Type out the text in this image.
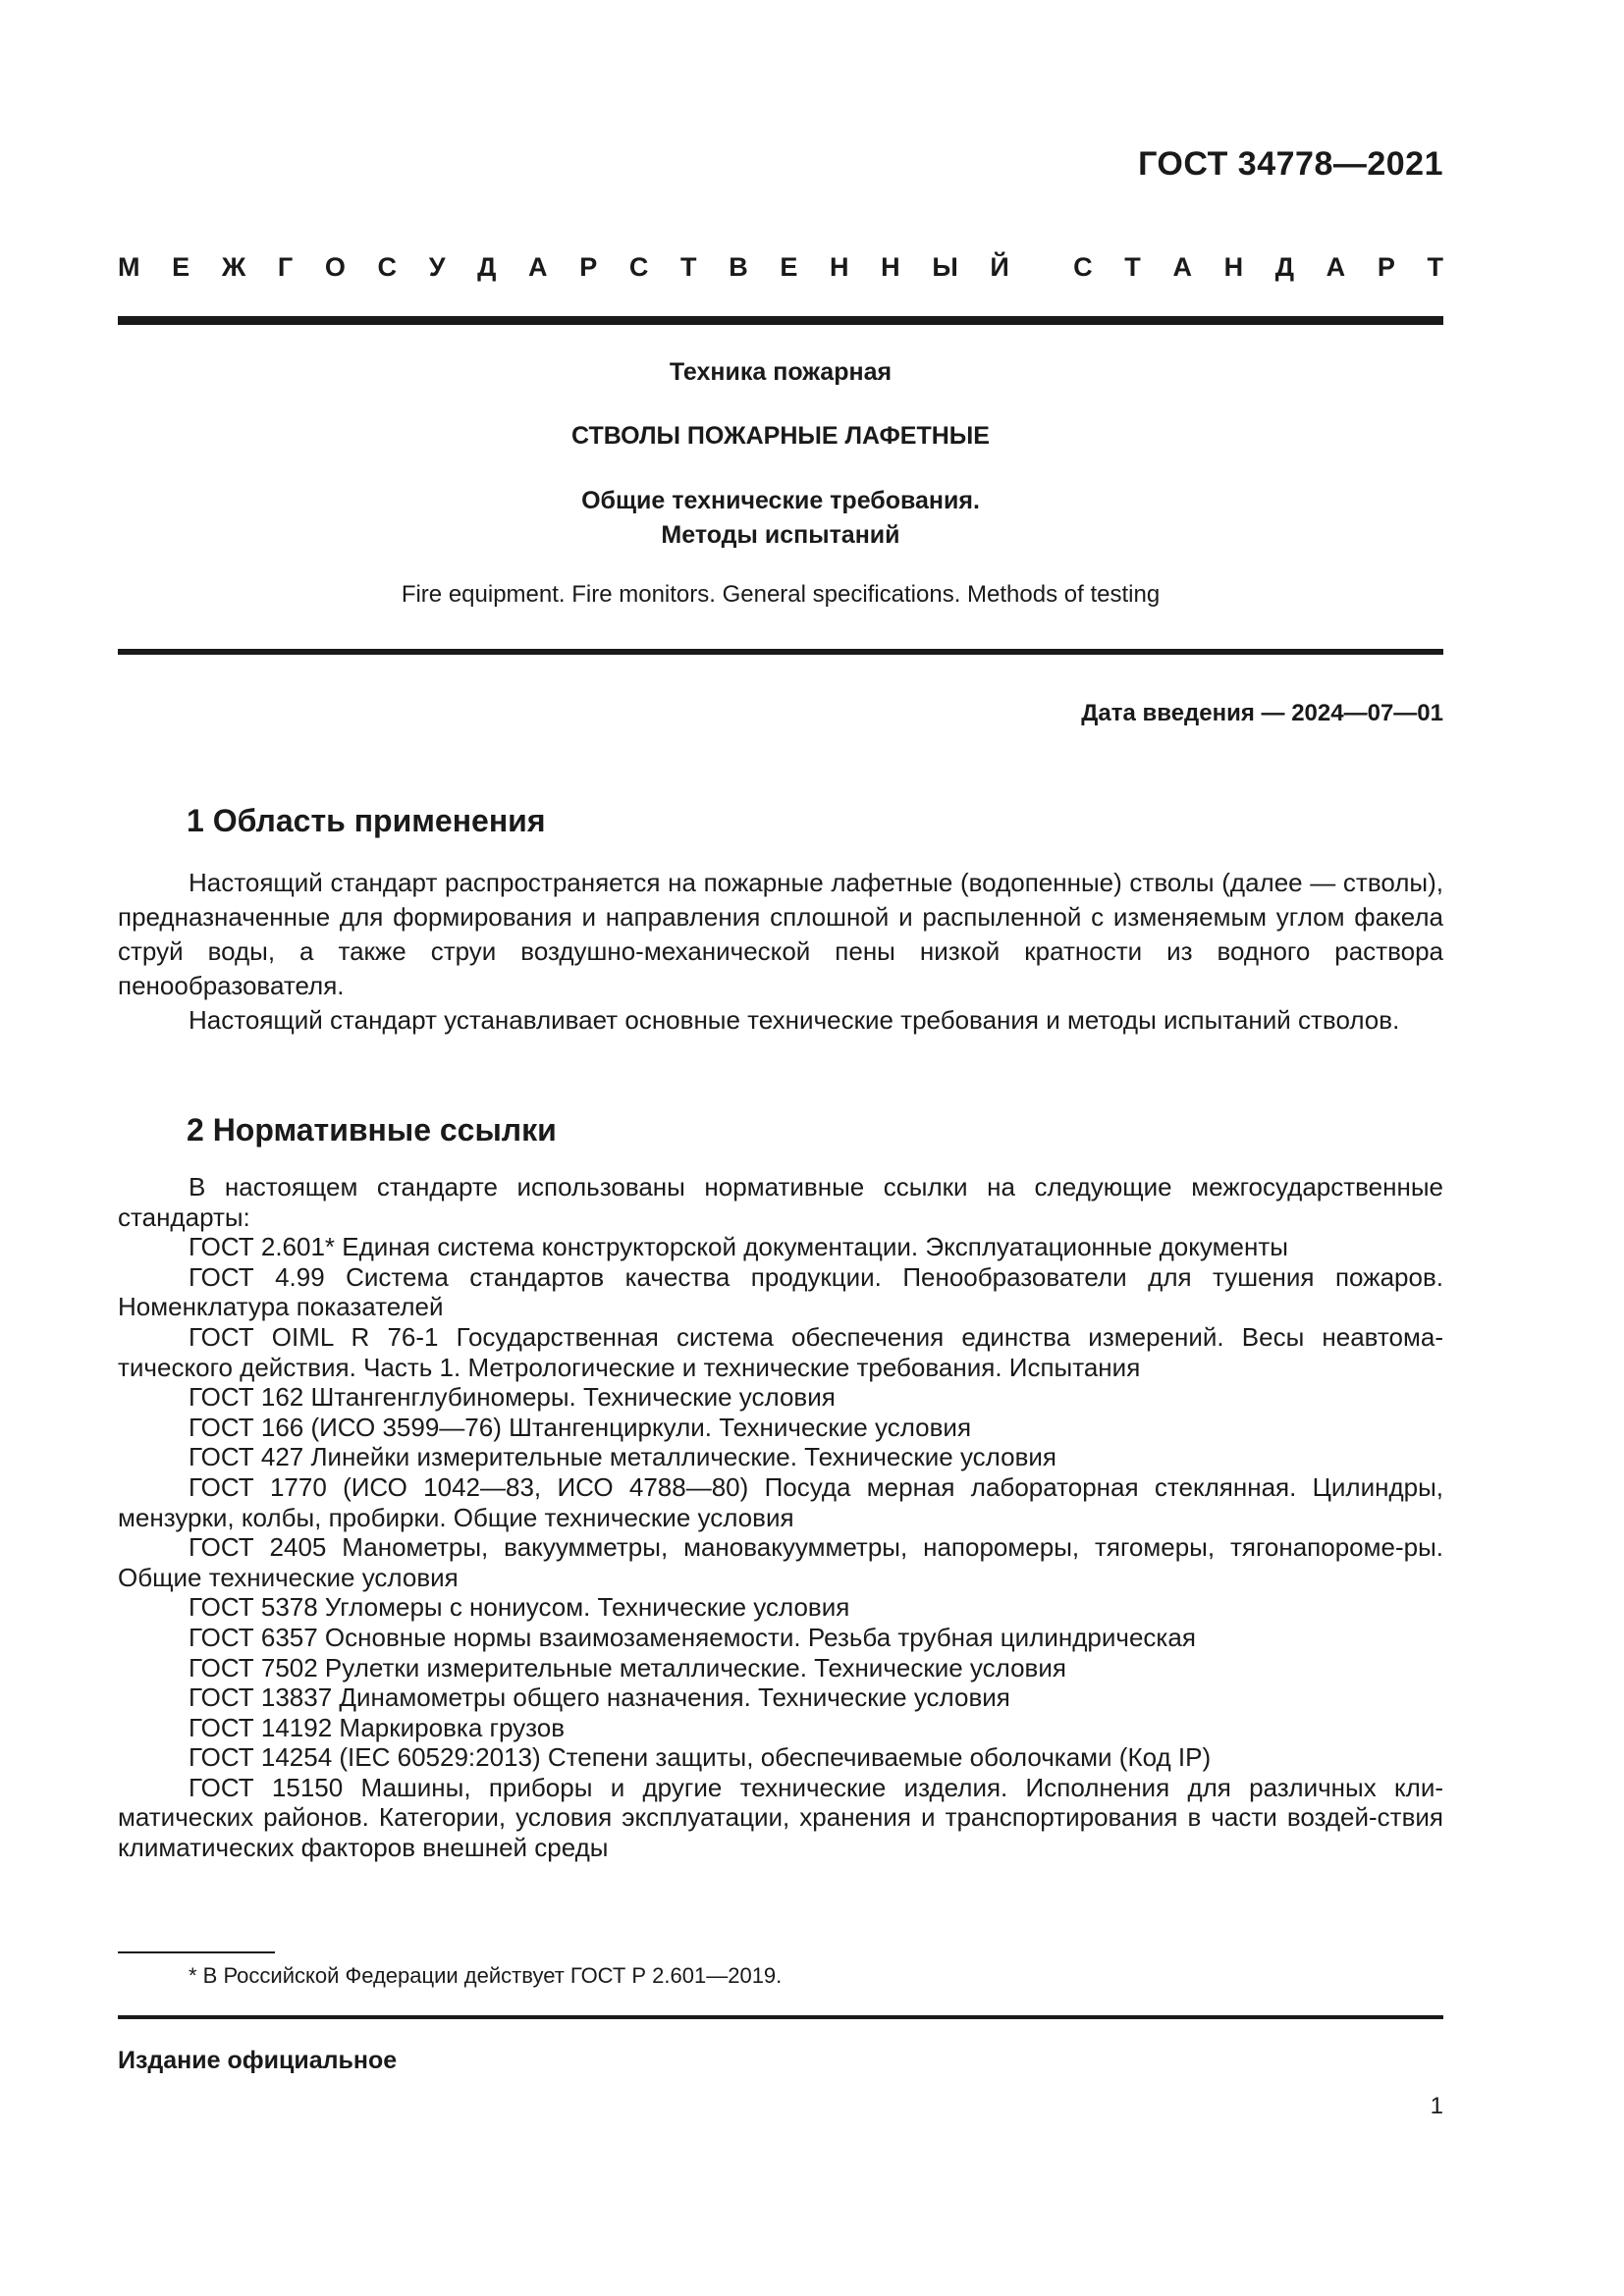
ГОСТ 34778—2021
М Е Ж Г О С У Д А Р С Т В Е Н Н Ы Й С Т А Н Д А Р Т
Техника пожарная
СТВОЛЫ ПОЖАРНЫЕ ЛАФЕТНЫЕ
Общие технические требования.
Методы испытаний
Fire equipment. Fire monitors. General specifications. Methods of testing
Дата введения — 2024—07—01
1 Область применения

Настоящий стандарт распространяется на пожарные лафетные (водопенные) стволы (далее — стволы), предназначенные для формирования и направления сплошной и распыленной с изменяемым углом факела струй воды, а также струи воздушно-механической пены низкой кратности из водного раствора пенообразователя.

Настоящий стандарт устанавливает основные технические требования и методы испытаний стволов.

2 Нормативные ссылки

В настоящем стандарте использованы нормативные ссылки на следующие межгосударственные стандарты:

ГОСТ 2.601* Единая система конструкторской документации. Эксплуатационные документы

ГОСТ 4.99 Система стандартов качества продукции. Пенообразователи для тушения пожаров. Номенклатура показателей

ГОСТ OIML R 76-1 Государственная система обеспечения единства измерений. Весы неавтома-тического действия. Часть 1. Метрологические и технические требования. Испытания

ГОСТ 162 Штангенглубиномеры. Технические условия

ГОСТ 166 (ИСО 3599—76) Штангенциркули. Технические условия

ГОСТ 427 Линейки измерительные металлические. Технические условия

ГОСТ 1770 (ИСО 1042—83, ИСО 4788—80) Посуда мерная лабораторная стеклянная. Цилиндры, мензурки, колбы, пробирки. Общие технические условия

ГОСТ 2405 Манометры, вакуумметры, мановакуумметры, напоромеры, тягомеры, тягонапороме-ры. Общие технические условия

ГОСТ 5378 Угломеры с нониусом. Технические условия

ГОСТ 6357 Основные нормы взаимозаменяемости. Резьба трубная цилиндрическая

ГОСТ 7502 Рулетки измерительные металлические. Технические условия

ГОСТ 13837 Динамометры общего назначения. Технические условия

ГОСТ 14192 Маркировка грузов

ГОСТ 14254 (IEC 60529:2013) Степени защиты, обеспечиваемые оболочками (Код IP)

ГОСТ 15150 Машины, приборы и другие технические изделия. Исполнения для различных кли-матических районов. Категории, условия эксплуатации, хранения и транспортирования в части воздей-ствия климатических факторов внешней среды

* В Российской Федерации действует ГОСТ Р 2.601—2019.
Издание официальное
1
